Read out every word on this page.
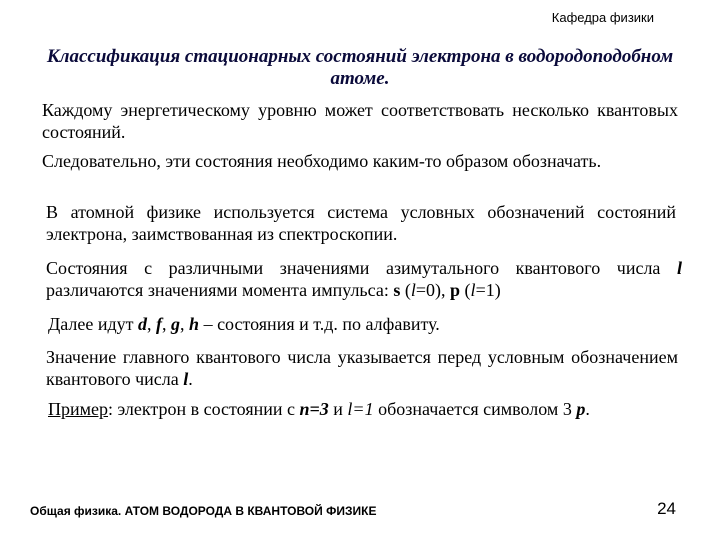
Кафедра физики
Классификация стационарных состояний электрона в водородоподобном атоме.
Каждому энергетическому уровню может соответствовать несколько квантовых состояний.
Следовательно, эти состояния необходимо каким-то образом обозначать.
В атомной физике используется система условных обозначений состояний электрона, заимствованная из спектроскопии.
Состояния с различными значениями азимутального квантового числа l различаются значениями момента импульса: s (l=0), p (l=1)
Далее идут d, f, g, h – состояния и т.д. по алфавиту.
Значение главного квантового числа указывается перед условным обозначением квантового числа l.
Пример: электрон в состоянии с n=3 и l=1 обозначается символом 3 p.
Общая физика. АТОМ ВОДОРОДА В КВАНТОВОЙ ФИЗИКЕ	24
